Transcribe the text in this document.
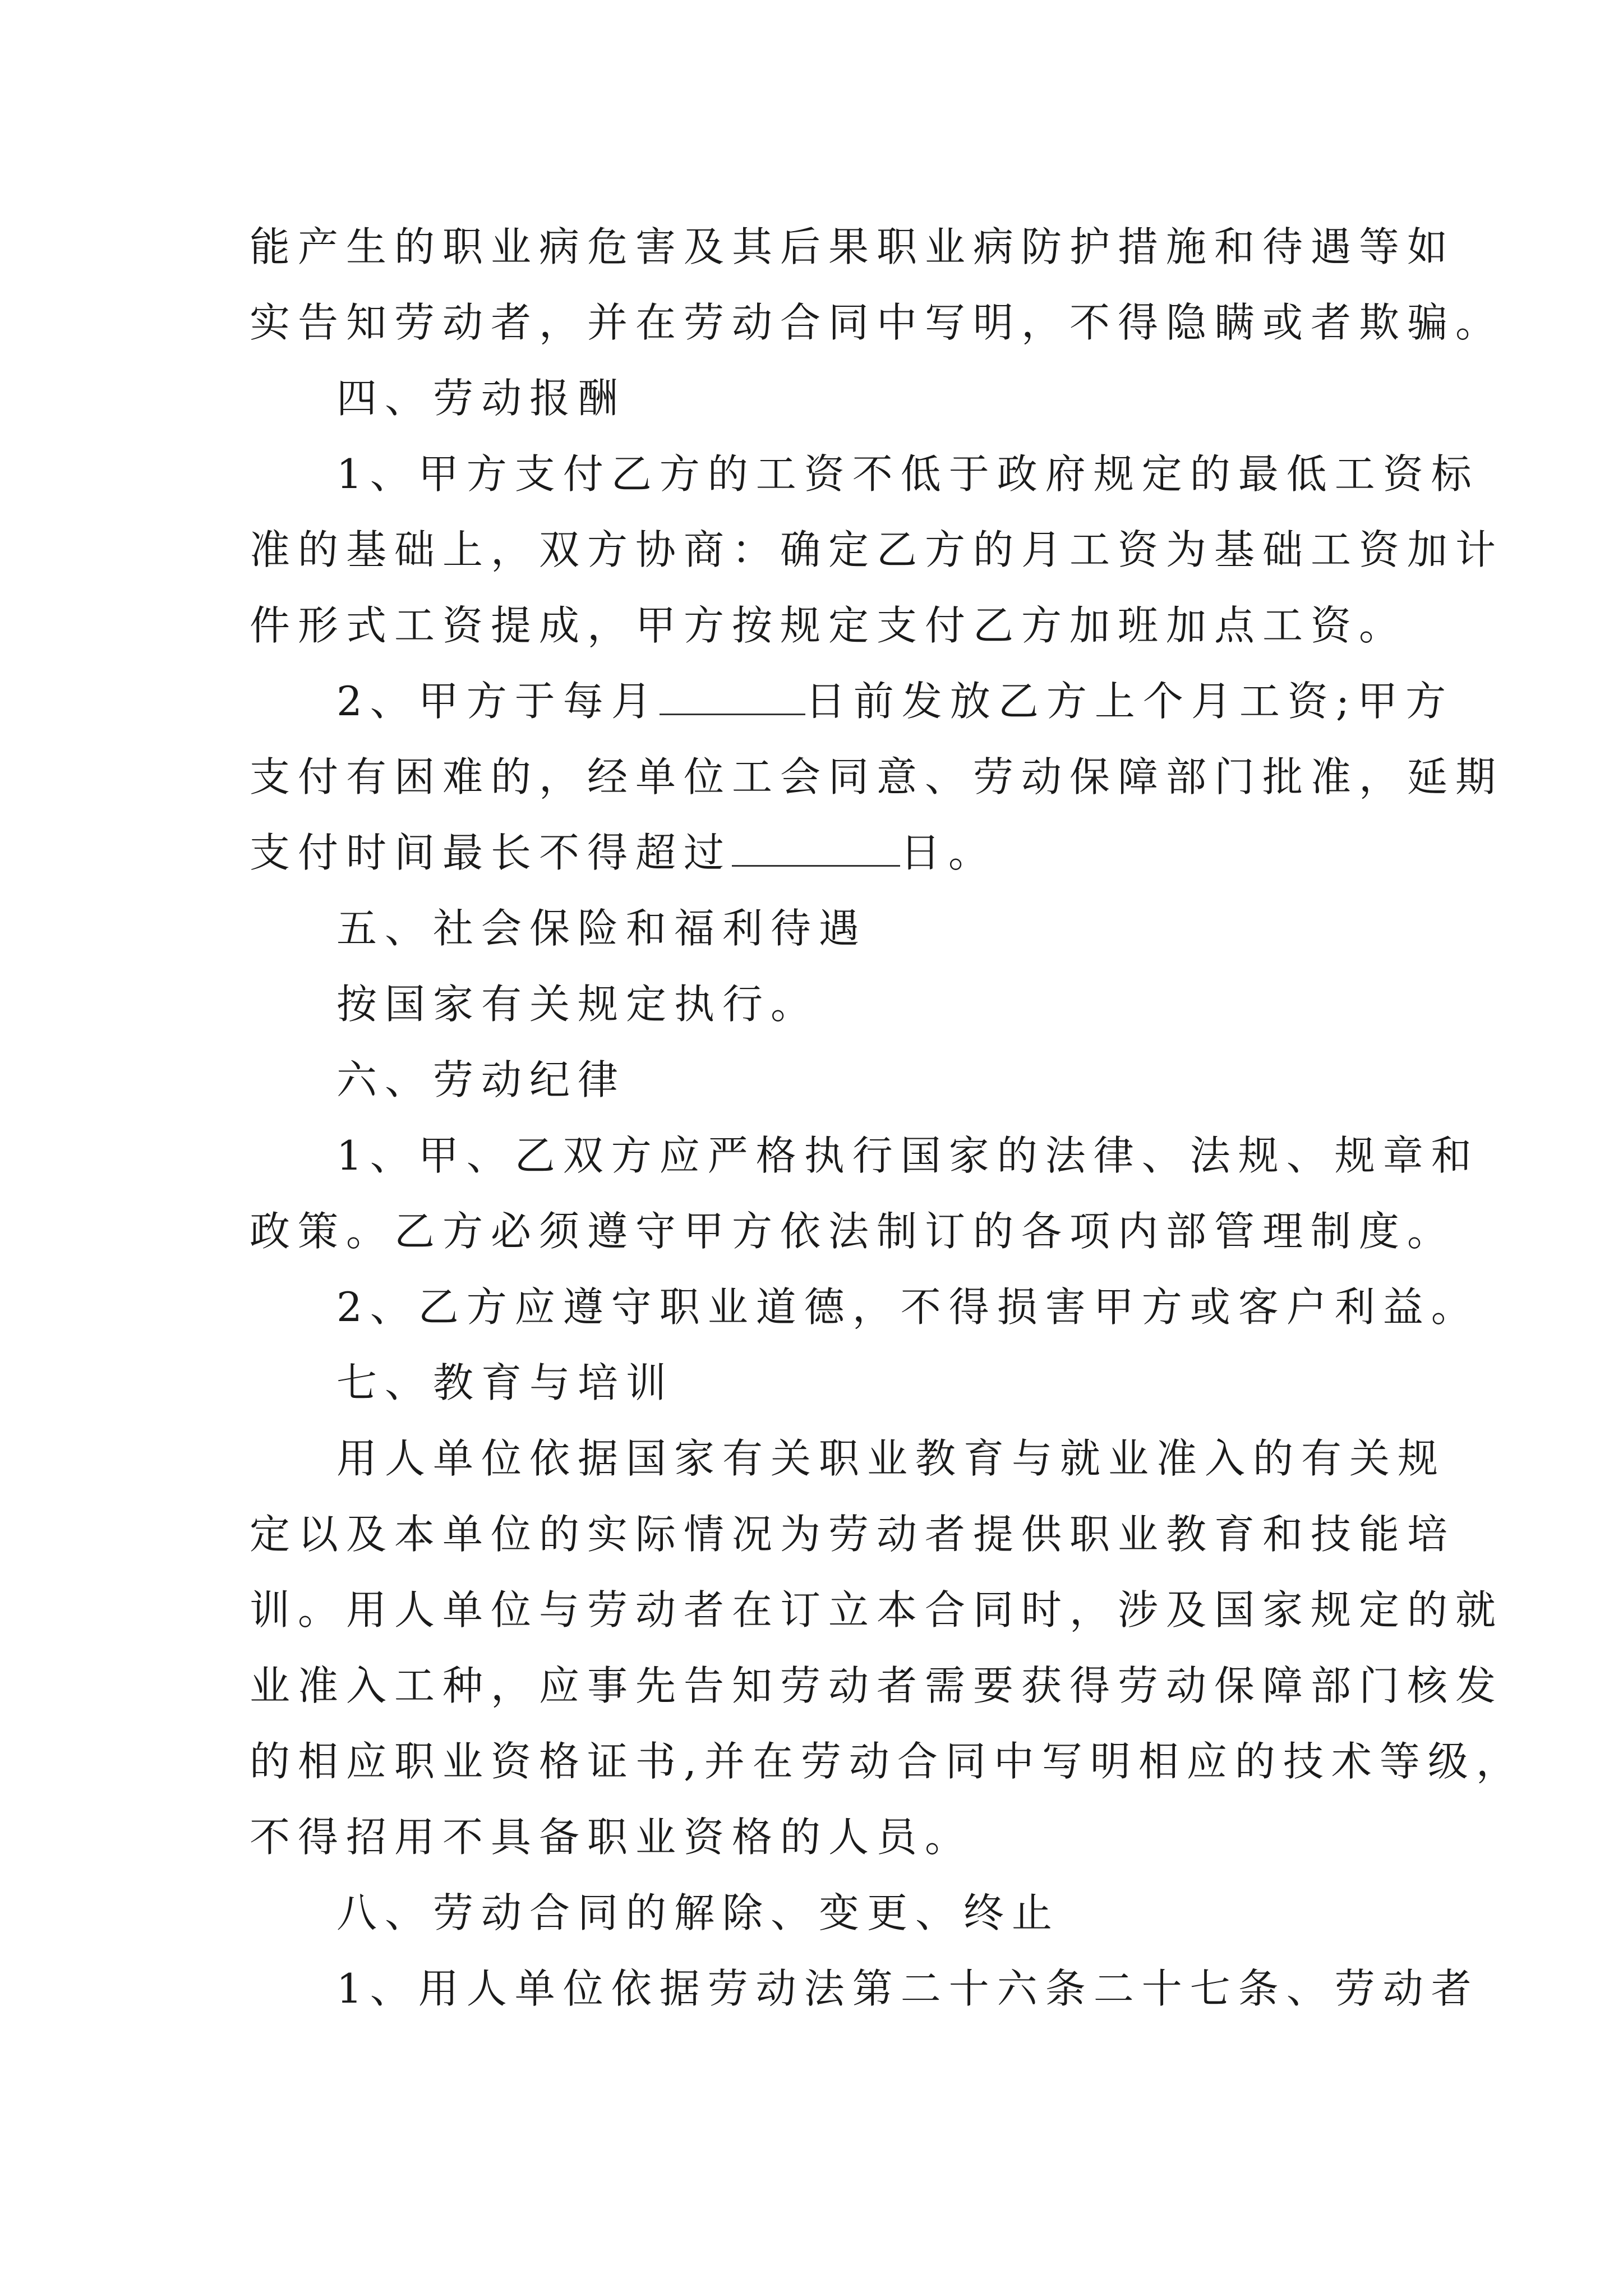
能产生的职业病危害及其后果职业病防护措施和待遇等如
实告知劳动者，并在劳动合同中写明，不得隐瞒或者欺骗。
四、劳动报酬
1、甲方支付乙方的工资不低于政府规定的最低工资标
准的基础上，双方协商：确定乙方的月工资为基础工资加计
件形式工资提成，甲方按规定支付乙方加班加点工资。
2、甲方于每月	日前发放乙方上个月工资;甲方
支付有困难的，经单位工会同意、劳动保障部门批准，延期
支付时间最长不得超过	日。
五、社会保险和福利待遇
按国家有关规定执行。
六、劳动纪律
1、甲、乙双方应严格执行国家的法律、法规、规章和
政策。乙方必须遵守甲方依法制订的各项内部管理制度。
2、乙方应遵守职业道德，不得损害甲方或客户利益。
七、教育与培训
用人单位依据国家有关职业教育与就业准入的有关规
定以及本单位的实际情况为劳动者提供职业教育和技能培
训。用人单位与劳动者在订立本合同时，涉及国家规定的就
业准入工种，应事先告知劳动者需要获得劳动保障部门核发
的相应职业资格证书,并在劳动合同中写明相应的技术等级，
不得招用不具备职业资格的人员。
八、劳动合同的解除、变更、终止
1、用人单位依据劳动法第二十六条二十七条、劳动者
